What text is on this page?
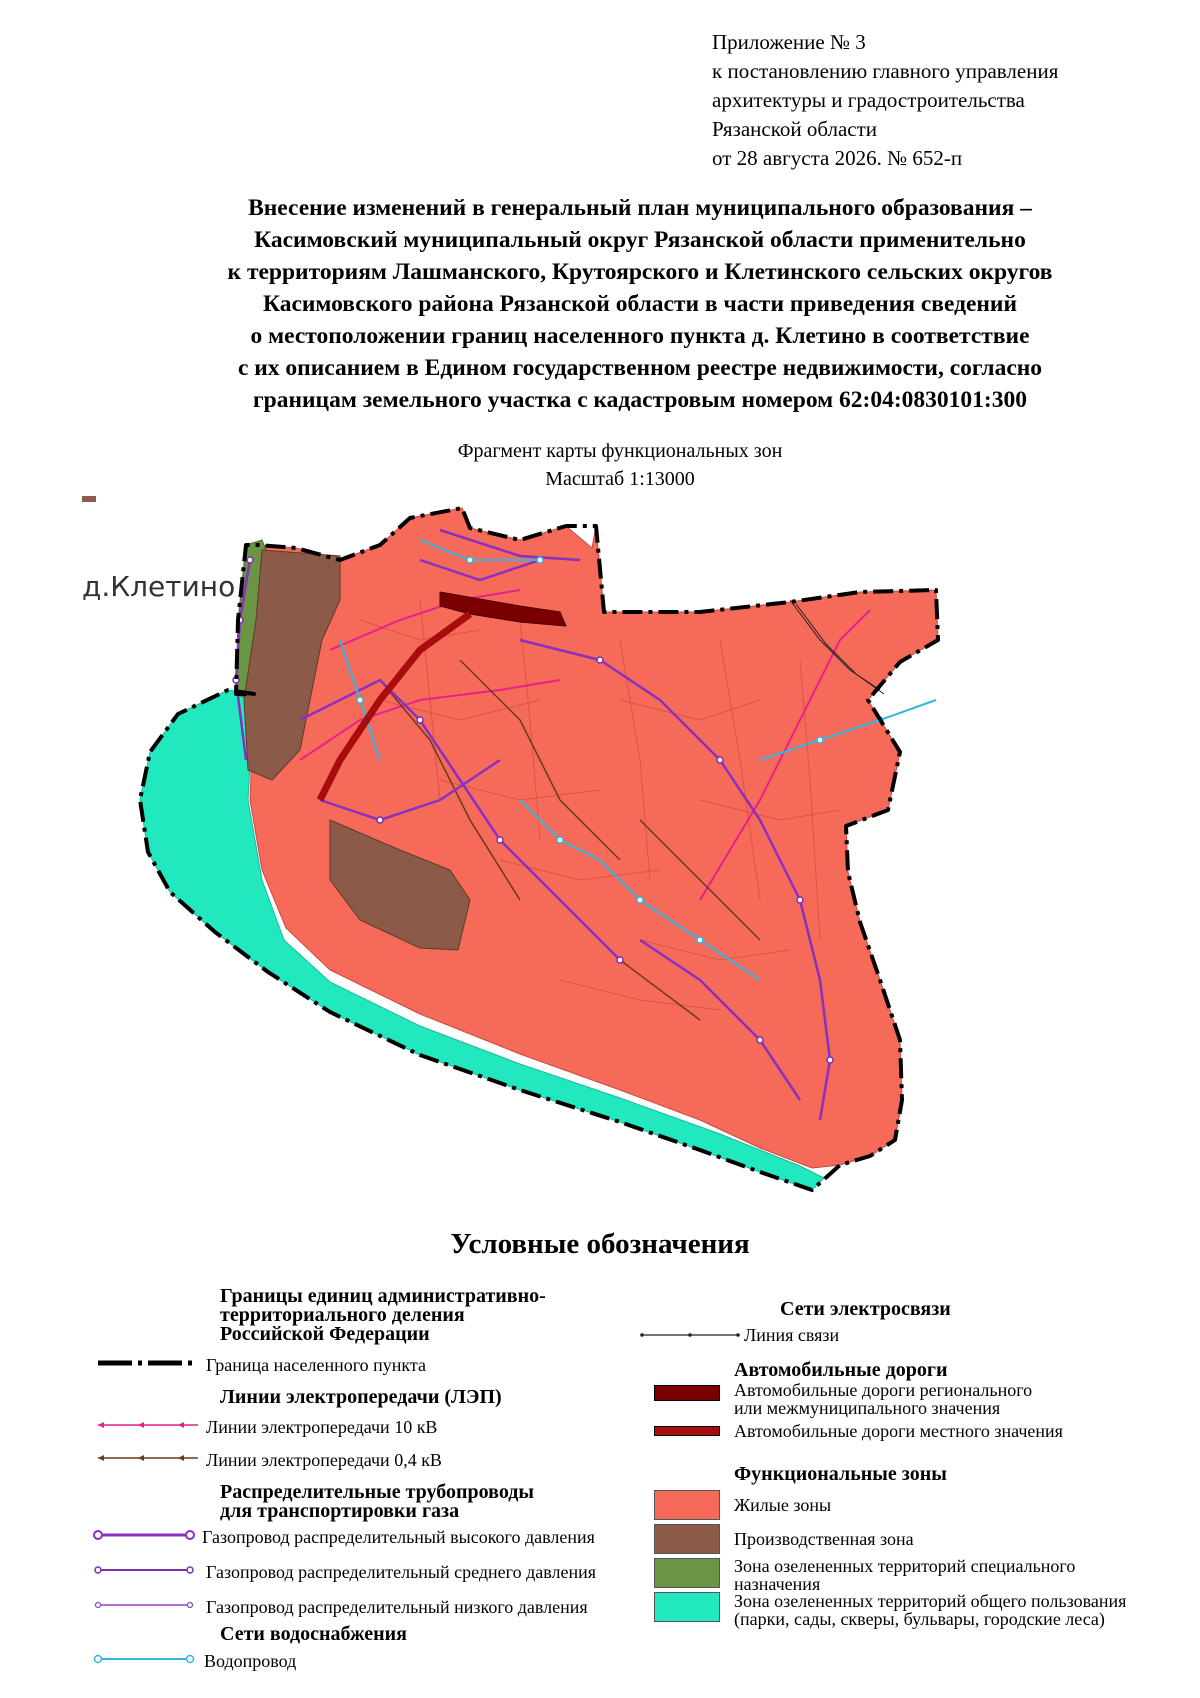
Приложение № 3
к постановлению главного управления
архитектуры и градостроительства
Рязанской области
от 28 августа 2026. № 652-п
Внесение изменений в генеральный план муниципального образования –
Касимовский муниципальный округ Рязанской области применительно
к территориям Лашманского, Крутоярского и Клетинского сельских округов
Касимовского района Рязанской области в части приведения сведений
о местоположении границ населенного пункта д. Клетино в соответствие
с их описанием в Едином государственном реестре недвижимости, согласно
границам земельного участка с кадастровым номером 62:04:0830101:300
Фрагмент карты функциональных зон
Масштаб 1:13000
д.Клетино
Условные обозначения
Границы единиц административно-
территориального деления
Российской Федерации
Граница населенного пункта
Линии электропередачи (ЛЭП)
Линии электропередачи 10 кВ
Линии электропередачи 0,4 кВ
Распределительные трубопроводы
для транспортировки газа
Газопровод распределительный высокого давления
Газопровод распределительный среднего давления
Газопровод распределительный низкого давления
Сети водоснабжения
Водопровод
Сети электросвязи
Линия связи
Автомобильные дороги
Автомобильные дороги регионального
или межмуниципального значения
Автомобильные дороги местного значения
Функциональные зоны
Жилые зоны
Производственная зона
Зона озелененных территорий специального
назначения
Зона озелененных территорий общего пользования
(парки, сады, скверы, бульвары, городские леса)
